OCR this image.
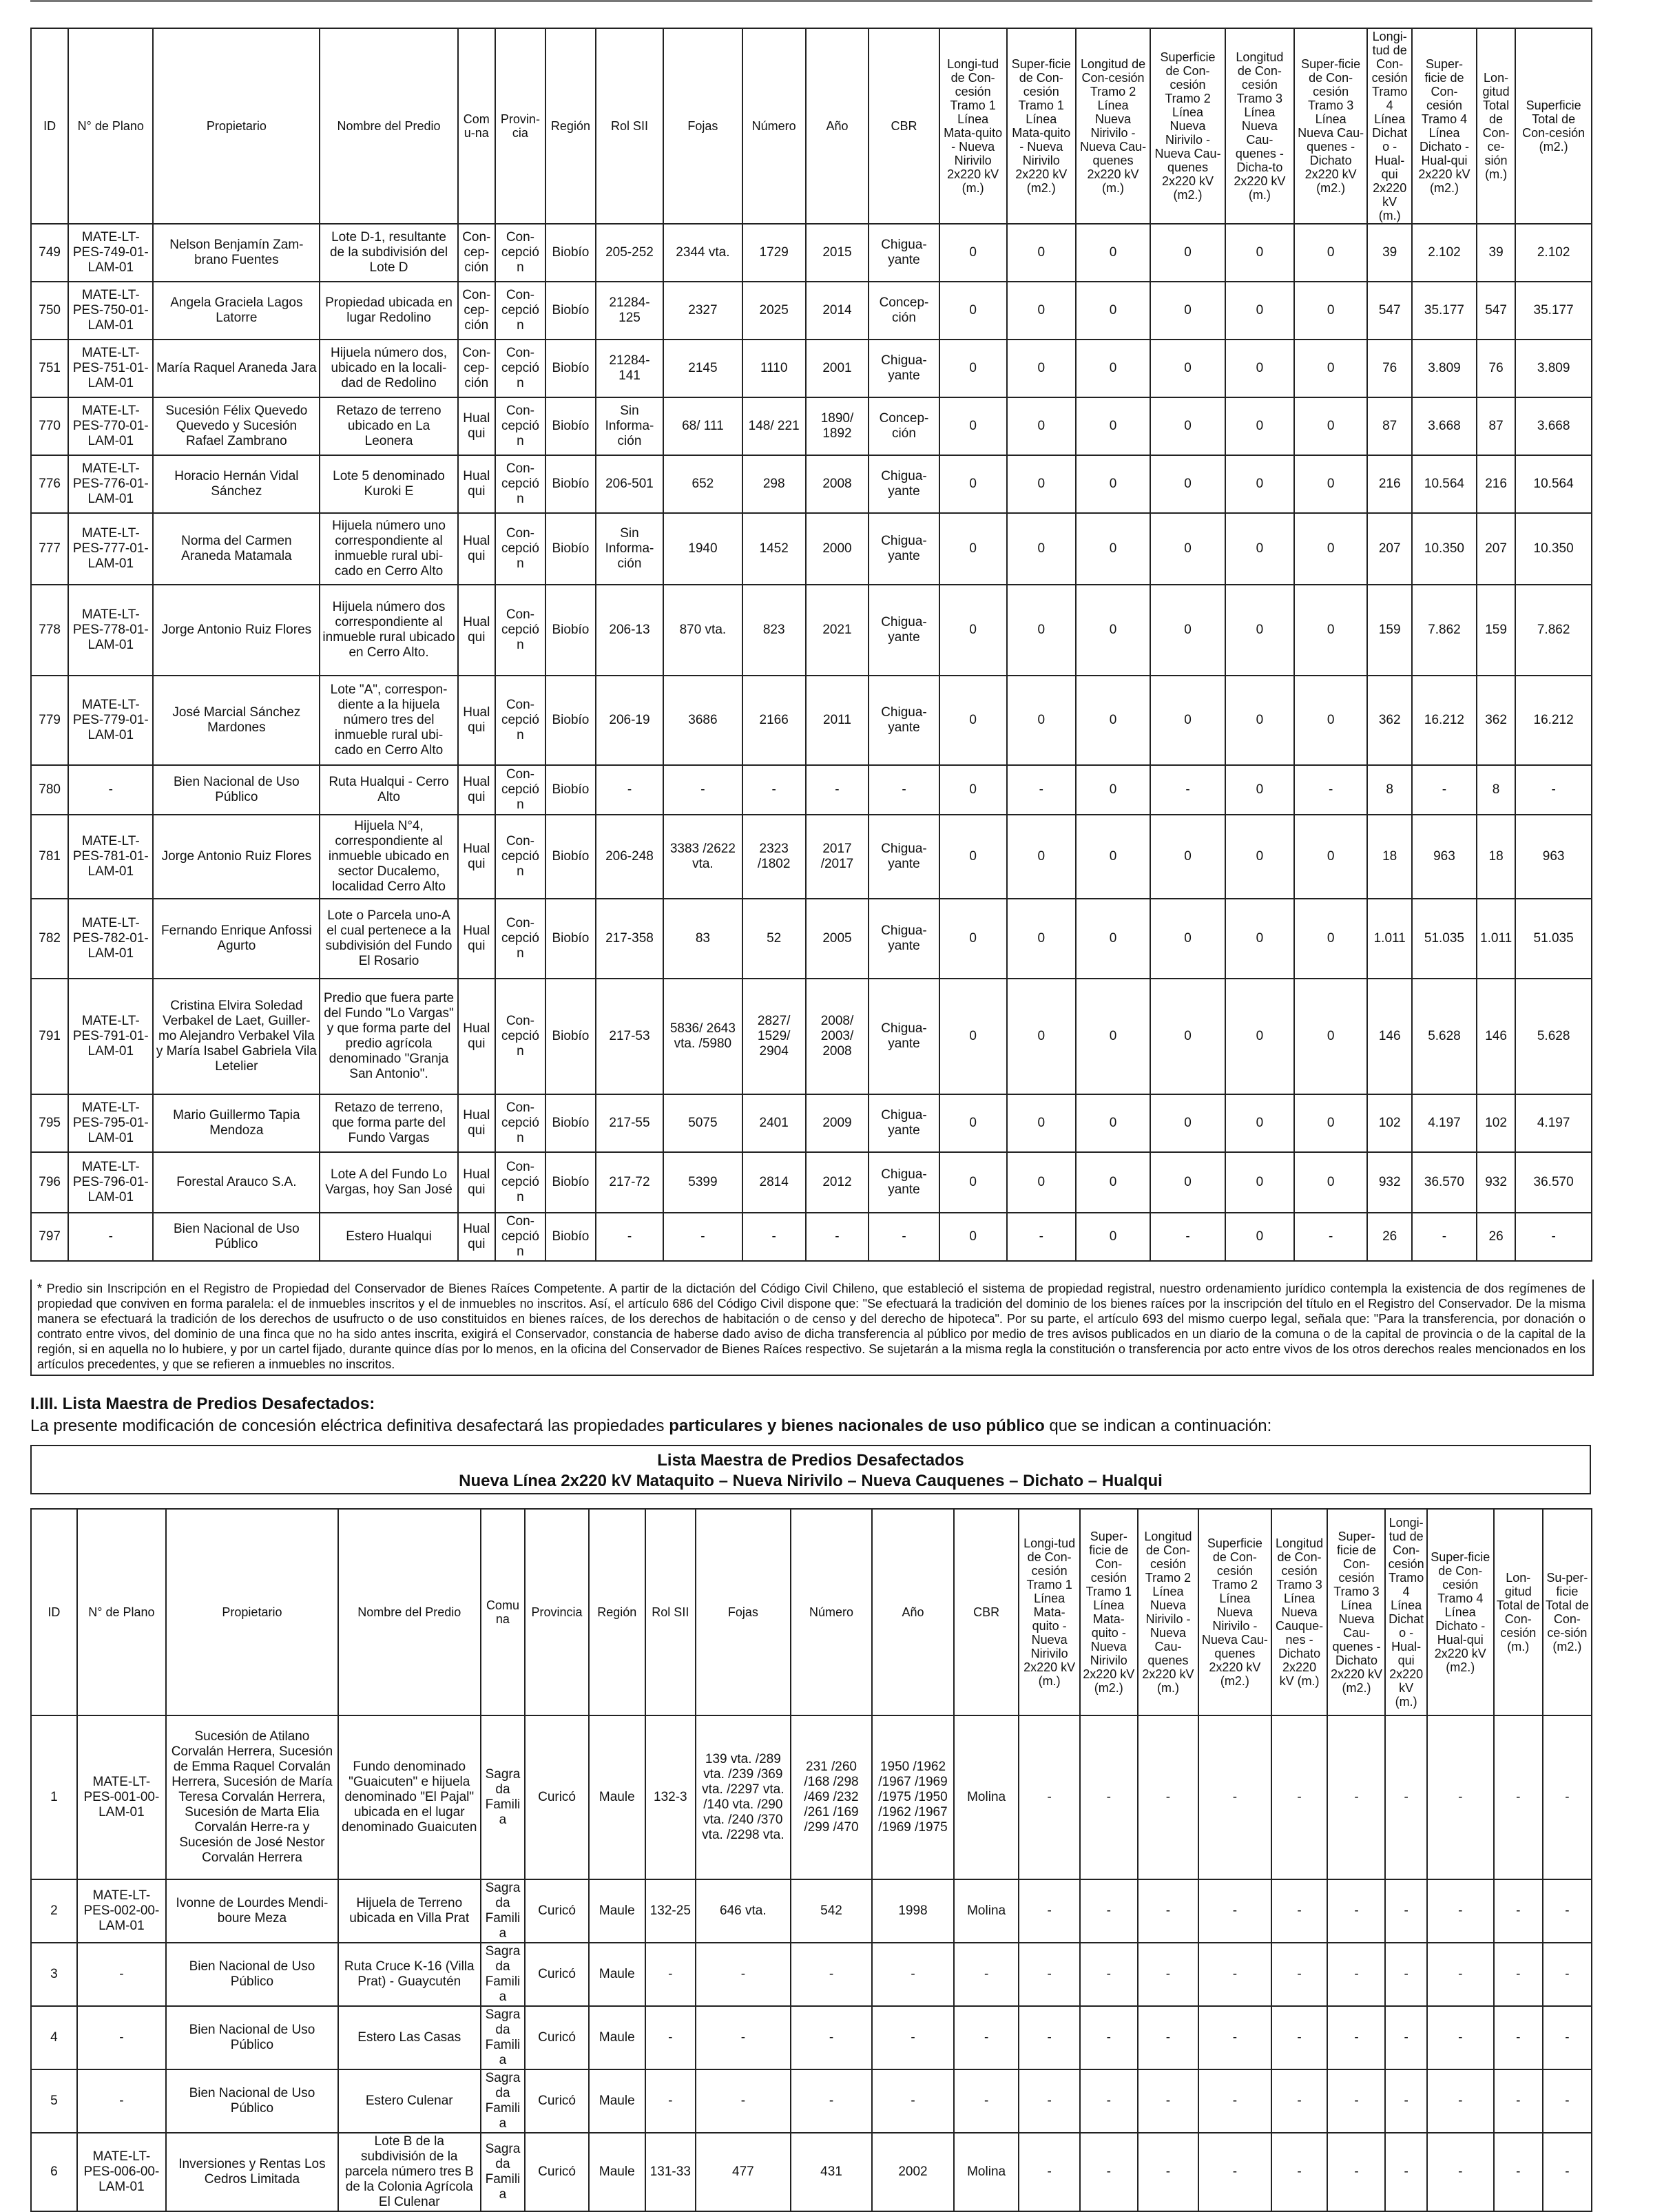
ID	N° de Plano	Propietario	Nombre del Predio	Comu-na	Provin-cia	Región	Rol SII	Fojas	Número	Año	CBR	Longi-tud de Con-cesión Tramo 1 Línea Mata-quito - Nueva Nirivilo 2x220 kV (m.)	Super-ficie de Con-cesión Tramo 1 Línea Mata-quito - Nueva Nirivilo 2x220 kV (m2.)	Longitud de Con-cesión Tramo 2 Línea Nueva Nirivilo - Nueva Cau-quenes 2x220 kV (m.)	Superficie de Con-cesión Tramo 2 Línea Nueva Nirivilo - Nueva Cau-quenes 2x220 kV (m2.)	Longitud de Con-cesión Tramo 3 Línea Nueva Cau-quenes - Dicha-to 2x220 kV (m.)	Super-ficie de Con-cesión Tramo 3 Línea Nueva Cau-quenes - Dichato 2x220 kV (m2.)	Longi-tud de Con-cesión Tramo 4 Línea Dichato - Hual-qui 2x220 kV (m.)	Super-ficie de Con-cesión Tramo 4 Línea Dichato - Hual-qui 2x220 kV (m2.)	Lon-gitud Total de Con-ce-sión (m.)	Superficie Total de Con-cesión (m2.)
749	MATE-LT-PES-749-01-LAM-01	Nelson Benjamín Zam-brano Fuentes	Lote D-1, resultante de la subdivisión del Lote D	Con-cep-ción	Con-cepción	Biobío	205-252	2344 vta.	1729	2015	Chigua-yante	0	0	0	0	0	0	39	2.102	39	2.102
750	MATE-LT-PES-750-01-LAM-01	Angela Graciela Lagos Latorre	Propiedad ubicada en lugar Redolino	Con-cep-ción	Con-cepción	Biobío	21284-125	2327	2025	2014	Concep-ción	0	0	0	0	0	0	547	35.177	547	35.177
751	MATE-LT-PES-751-01-LAM-01	María Raquel Araneda Jara	Hijuela número dos, ubicado en la locali-dad de Redolino	Con-cep-ción	Con-cepción	Biobío	21284-141	2145	1110	2001	Chigua-yante	0	0	0	0	0	0	76	3.809	76	3.809
770	MATE-LT-PES-770-01-LAM-01	Sucesión Félix Quevedo Quevedo y Sucesión Rafael Zambrano	Retazo de terreno ubicado en La Leonera	Hualqui	Con-cepción	Biobío	Sin Informa-ción	68/ 111	148/ 221	1890/ 1892	Concep-ción	0	0	0	0	0	0	87	3.668	87	3.668
776	MATE-LT-PES-776-01-LAM-01	Horacio Hernán Vidal Sánchez	Lote 5 denominado Kuroki E	Hualqui	Con-cepción	Biobío	206-501	652	298	2008	Chigua-yante	0	0	0	0	0	0	216	10.564	216	10.564
777	MATE-LT-PES-777-01-LAM-01	Norma del Carmen Araneda Matamala	Hijuela número uno correspondiente al inmueble rural ubi-cado en Cerro Alto	Hualqui	Con-cepción	Biobío	Sin Informa-ción	1940	1452	2000	Chigua-yante	0	0	0	0	0	0	207	10.350	207	10.350
778	MATE-LT-PES-778-01-LAM-01	Jorge Antonio Ruiz Flores	Hijuela número dos correspondiente al inmueble rural ubicado en Cerro Alto.	Hualqui	Con-cepción	Biobío	206-13	870 vta.	823	2021	Chigua-yante	0	0	0	0	0	0	159	7.862	159	7.862
779	MATE-LT-PES-779-01-LAM-01	José Marcial Sánchez Mardones	Lote "A", correspon-diente a la hijuela número tres del inmueble rural ubi-cado en Cerro Alto	Hualqui	Con-cepción	Biobío	206-19	3686	2166	2011	Chigua-yante	0	0	0	0	0	0	362	16.212	362	16.212
780	-	Bien Nacional de Uso Público	Ruta Hualqui - Cerro Alto	Hualqui	Con-cepción	Biobío	-	-	-	-	-	0	-	0	-	0	-	8	-	8	-
781	MATE-LT-PES-781-01-LAM-01	Jorge Antonio Ruiz Flores	Hijuela N°4, correspondiente al inmueble ubicado en sector Ducalemo, localidad Cerro Alto	Hualqui	Con-cepción	Biobío	206-248	3383 /2622 vta.	2323 /1802	2017 /2017	Chigua-yante	0	0	0	0	0	0	18	963	18	963
782	MATE-LT-PES-782-01-LAM-01	Fernando Enrique Anfossi Agurto	Lote o Parcela uno-A el cual pertenece a la subdivisión del Fundo El Rosario	Hualqui	Con-cepción	Biobío	217-358	83	52	2005	Chigua-yante	0	0	0	0	0	0	1.011	51.035	1.011	51.035
791	MATE-LT-PES-791-01-LAM-01	Cristina Elvira Soledad Verbakel de Laet, Guiller-mo Alejandro Verbakel Vila y María Isabel Gabriela Vila Letelier	Predio que fuera parte del Fundo "Lo Vargas" y que forma parte del predio agrícola denominado "Granja San Antonio".	Hualqui	Con-cepción	Biobío	217-53	5836/ 2643 vta. /5980	2827/ 1529/ 2904	2008/ 2003/ 2008	Chigua-yante	0	0	0	0	0	0	146	5.628	146	5.628
795	MATE-LT-PES-795-01-LAM-01	Mario Guillermo Tapia Mendoza	Retazo de terreno, que forma parte del Fundo Vargas	Hualqui	Con-cepción	Biobío	217-55	5075	2401	2009	Chigua-yante	0	0	0	0	0	0	102	4.197	102	4.197
796	MATE-LT-PES-796-01-LAM-01	Forestal Arauco S.A.	Lote A del Fundo Lo Vargas, hoy San José	Hualqui	Con-cepción	Biobío	217-72	5399	2814	2012	Chigua-yante	0	0	0	0	0	0	932	36.570	932	36.570
797	-	Bien Nacional de Uso Público	Estero Hualqui	Hualqui	Con-cepción	Biobío	-	-	-	-	-	0	-	0	-	0	-	26	-	26	-
* Predio sin Inscripción en el Registro de Propiedad del Conservador de Bienes Raíces Competente. A partir de la dictación del Código Civil Chileno, que estableció el sistema de propiedad registral, nuestro ordenamiento jurídico contempla la existencia de dos regímenes de propiedad que conviven en forma paralela: el de inmuebles inscritos y el de inmuebles no inscritos. Así, el artículo 686 del Código Civil dispone que: "Se efectuará la tradición del dominio de los bienes raíces por la inscripción del título en el Registro del Conservador. De la misma manera se efectuará la tradición de los derechos de usufructo o de uso constituidos en bienes raíces, de los derechos de habitación o de censo y del derecho de hipoteca". Por su parte, el artículo 693 del mismo cuerpo legal, señala que: "Para la transferencia, por donación o contrato entre vivos, del dominio de una finca que no ha sido antes inscrita, exigirá el Conservador, constancia de haberse dado aviso de dicha transferencia al público por medio de tres avisos publicados en un diario de la comuna o de la capital de provincia o de la capital de la región, si en aquella no lo hubiere, y por un cartel fijado, durante quince días por lo menos, en la oficina del Conservador de Bienes Raíces respectivo. Se sujetarán a la misma regla la constitución o transferencia por acto entre vivos de los otros derechos reales mencionados en los artículos precedentes, y que se refieren a inmuebles no inscritos.
I.III. Lista Maestra de Predios Desafectados:
La presente modificación de concesión eléctrica definitiva desafectará las propiedades particulares y bienes nacionales de uso público que se indican a continuación:
Lista Maestra de Predios Desafectados
Nueva Línea 2x220 kV Mataquito – Nueva Nirivilo – Nueva Cauquenes – Dichato – Hualqui
ID	N° de Plano	Propietario	Nombre del Predio	Comuna	Provincia	Región	Rol SII	Fojas	Número	Año	CBR	Longi-tud de Con-cesión Tramo 1 Línea Mata-quito - Nueva Nirivilo 2x220 kV (m.)	Super-ficie de Con-cesión Tramo 1 Línea Mata-quito - Nueva Nirivilo 2x220 kV (m2.)	Longitud de Con-cesión Tramo 2 Línea Nueva Nirivilo - Nueva Cau-quenes 2x220 kV (m.)	Superficie de Con-cesión Tramo 2 Línea Nueva Nirivilo - Nueva Cau-quenes 2x220 kV (m2.)	Longitud de Con-cesión Tramo 3 Línea Nueva Cauque-nes - Dichato 2x220 kV (m.)	Super-ficie de Con-cesión Tramo 3 Línea Nueva Cau-quenes - Dichato 2x220 kV (m2.)	Longi-tud de Con-cesión Tramo 4 Línea Dichato - Hual-qui 2x220 kV (m.)	Super-ficie de Con-cesión Tramo 4 Línea Dichato - Hual-qui 2x220 kV (m2.)	Lon-gitud Total de Con-cesión (m.)	Su-per-ficie Total de Con-ce-sión (m2.)
1	MATE-LT-PES-001-00-LAM-01	Sucesión de Atilano Corvalán Herrera, Sucesión de Emma Raquel Corvalán Herrera, Sucesión de María Teresa Corvalán Herrera, Sucesión de Marta Elia Corvalán Herre-ra y Sucesión de José Nestor Corvalán Herrera	Fundo denominado "Guaicuten" e hijuela denominado "El Pajal" ubicada en el lugar denominado Guaicuten	Sagrada Familia	Curicó	Maule	132-3	139 vta. /289 vta. /239 /369 vta. /2297 vta. /140 vta. /290 vta. /240 /370 vta. /2298 vta.	231 /260 /168 /298 /469 /232 /261 /169 /299 /470	1950 /1962 /1967 /1969 /1975 /1950 /1962 /1967 /1969 /1975	Molina	-	-	-	-	-	-	-	-	-	-
2	MATE-LT-PES-002-00-LAM-01	Ivonne de Lourdes Mendi-boure Meza	Hijuela de Terreno ubicada en Villa Prat	Sagrada Familia	Curicó	Maule	132-25	646 vta.	542	1998	Molina	-	-	-	-	-	-	-	-	-	-
3	-	Bien Nacional de Uso Público	Ruta Cruce K-16 (Villa Prat) - Guaycutén	Sagrada Familia	Curicó	Maule	-	-	-	-	-	-	-	-	-	-	-	-	-	-	-
4	-	Bien Nacional de Uso Público	Estero Las Casas	Sagrada Familia	Curicó	Maule	-	-	-	-	-	-	-	-	-	-	-	-	-	-	-
5	-	Bien Nacional de Uso Público	Estero Culenar	Sagrada Familia	Curicó	Maule	-	-	-	-	-	-	-	-	-	-	-	-	-	-	-
6	MATE-LT-PES-006-00-LAM-01	Inversiones y Rentas Los Cedros Limitada	Lote B de la subdivisión de la parcela número tres B de la Colonia Agrícola El Culenar	Sagrada Familia	Curicó	Maule	131-33	477	431	2002	Molina	-	-	-	-	-	-	-	-	-	-
